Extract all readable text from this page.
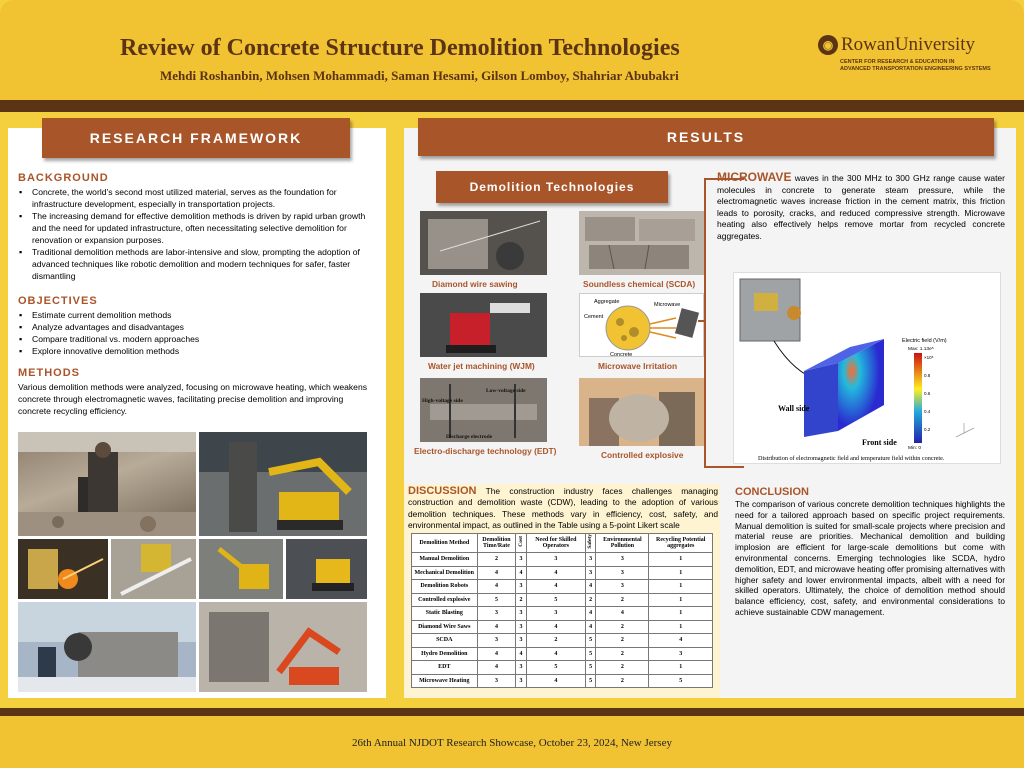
Review of Concrete Structure Demolition Technologies
Mehdi Roshanbin, Mohsen Mohammadi, Saman Hesami, Gilson Lomboy, Shahriar Abubakri
◉ RowanUniversity
CENTER FOR RESEARCH & EDUCATION IN
ADVANCED TRANSPORTATION ENGINEERING SYSTEMS
RESEARCH FRAMEWORK
BACKGROUND
▪ Concrete, the world’s second most utilized material, serves as the foundation for infrastructure development, especially in transportation projects.
▪ The increasing demand for effective demolition methods is driven by rapid urban growth and the need for updated infrastructure, often necessitating selective demolition for renovation or expansion purposes.
▪ Traditional demolition methods are labor-intensive and slow, prompting the adoption of advanced techniques like robotic demolition and modern techniques for safer, faster dismantling
OBJECTIVES
▪ Estimate current demolition methods
▪ Analyze advantages and disadvantages
▪ Compare traditional vs. modern approaches
▪ Explore innovative demolition methods
METHODS
Various demolition methods were analyzed, focusing on microwave heating, which weakens concrete through electromagnetic waves, facilitating precise demolition and improving concrete recycling efficiency.
RESULTS
Demolition Technologies
Diamond wire sawing	Soundless chemical (SCDA)
Water jet machining (WJM)
Aggregate	Microwave
Cement
Concrete
Microwave Irritation
High-voltage side
Low-voltage side
Discharge electrode
Electro-discharge technology (EDT)	Controlled explosive
MICROWAVE waves in the 300 MHz to 300 GHz range cause water molecules in concrete to generate steam pressure, while the electromagnetic waves increase friction in the cement matrix, this friction leads to porosity, cracks, and reduced compressive strength. Microwave heating also effectively helps remove mortar from recycled concrete aggregates.
Electric field (V/m)
Max: 1.13e⁵
×10⁵
0.8
0.6
0.4
0.2
Min: 0
Wall side
Front side
Distribution of electromagnetic field and temperature field within concrete.
DISCUSSION The construction industry faces challenges managing construction and demolition waste (CDW), leading to the adoption of various demolition techniques. These methods vary in efficiency, cost, safety, and environmental impact, as outlined in the Table using a 5-point Likert scale
Demolition Method	Demolition Time/Rate	Cost	Need for Skilled Operators	Safety	Environmental Pollution	Recycling Potential aggregates
Manual Demolition	2	3	3	3	3	1
Mechanical Demolition	4	4	4	3	3	1
Demolition Robots	4	3	4	4	3	1
Controlled explosive	5	2	5	2	2	1
Static Blasting	3	3	3	4	4	1
Diamond Wire Saws	4	3	4	4	2	1
SCDA	3	3	2	5	2	4
Hydro Demolition	4	4	4	5	2	3
EDT	4	3	5	5	2	1
Microwave Heating	3	3	4	5	2	5
CONCLUSION
The comparison of various concrete demolition techniques highlights the need for a tailored approach based on specific project requirements. Manual demolition is suited for small-scale projects where precision and material reuse are priorities. Mechanical demolition and building implosion are efficient for large-scale demolitions but come with environmental concerns. Emerging technologies like SCDA, hydro demolition, EDT, and microwave heating offer promising alternatives with higher safety and lower environmental impacts, albeit with a need for skilled operators. Ultimately, the choice of demolition method should balance efficiency, cost, safety, and environmental considerations to achieve sustainable CDW management.
26th Annual NJDOT Research Showcase, October 23, 2024, New Jersey
